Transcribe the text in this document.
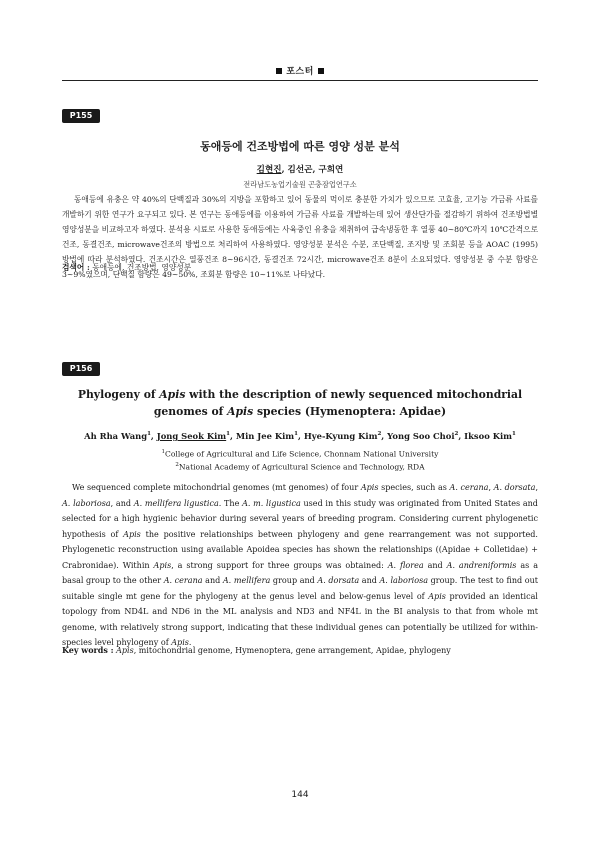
포스터
P155
동애등에 건조방법에 따른 영양 성분 분석
김현진, 김선곤, 구희연
전라남도농업기술원 곤충잠업연구소

동애등에 유충은 약 40%의 단백질과 30%의 지방을 포함하고 있어 동물의 먹이로 충분한 가치가 있으므로 고효율, 고기능 가금류 사료를 개발하기 위한 연구가 요구되고 있다. 본 연구는 동애등에를 이용하여 가금류 사료를 개발하는데 있어 생산단가를 절감하기 위하여 건조방법별 영양성분을 비교하고자 하였다. 분석용 시료로 사용한 동애등에는 사육중인 유충을 채취하여 급속냉동한 후 열풍 40~80℃까지 10℃간격으로 건조, 동결건조, microwave건조의 방법으로 처리하여 사용하였다. 영양성분 분석은 수분, 조단백질, 조지방 및 조회분 등을 AOAC (1995) 방법에 따라 분석하였다. 건조시간은 열풍건조 8~96시간, 동결건조 72시간, microwave건조 8분이 소요되었다. 영양성분 중 수분 함량은 3~9%였으며, 단백질 함량은 49~50%, 조회분 함량은 10~11%로 나타났다.

검색어 : 동애등에, 건조방법, 영양성분
P156
Phylogeny of Apis with the description of newly sequenced mitochondrial genomes of Apis species (Hymenoptera: Apidae)
Ah Rha Wang$^1$, Jong Seok Kim$^1$, Min Jee Kim$^1$, Hye-Kyung Kim$^2$, Yong Soo Choi$^2$, Iksoo Kim$^1$
$^1$College of Agricultural and Life Science, Chonnam National University
$^2$National Academy of Agricultural Science and Technology, RDA

We sequenced complete mitochondrial genomes (mt genomes) of four Apis species, such as A. cerana, A. dorsata, A. laboriosa, and A. mellifera ligustica. The A. m. ligustica used in this study was originated from United States and selected for a high hygienic behavior during several years of breeding program. Considering current phylogenetic hypothesis of Apis the positive relationships between phylogeny and gene rearrangement was not supported. Phylogenetic reconstruction using available Apoidea species has shown the relationships ((Apidae + Colletidae) + Crabronidae). Within Apis, a strong support for three groups was obtained: A. florea and A. andreniformis as a basal group to the other A. cerana and A. mellifera group and A. dorsata and A. laboriosa group. The test to find out suitable single mt gene for the phylogeny at the genus level and below-genus level of Apis provided an identical topology from ND4L and ND6 in the ML analysis and ND3 and NF4L in the BI analysis to that from whole mt genome, with relatively strong support, indicating that these individual genes can potentially be utilized for within-species level phylogeny of Apis.

Key words : Apis, mitochondrial genome, Hymenoptera, gene arrangement, Apidae, phylogeny
144
